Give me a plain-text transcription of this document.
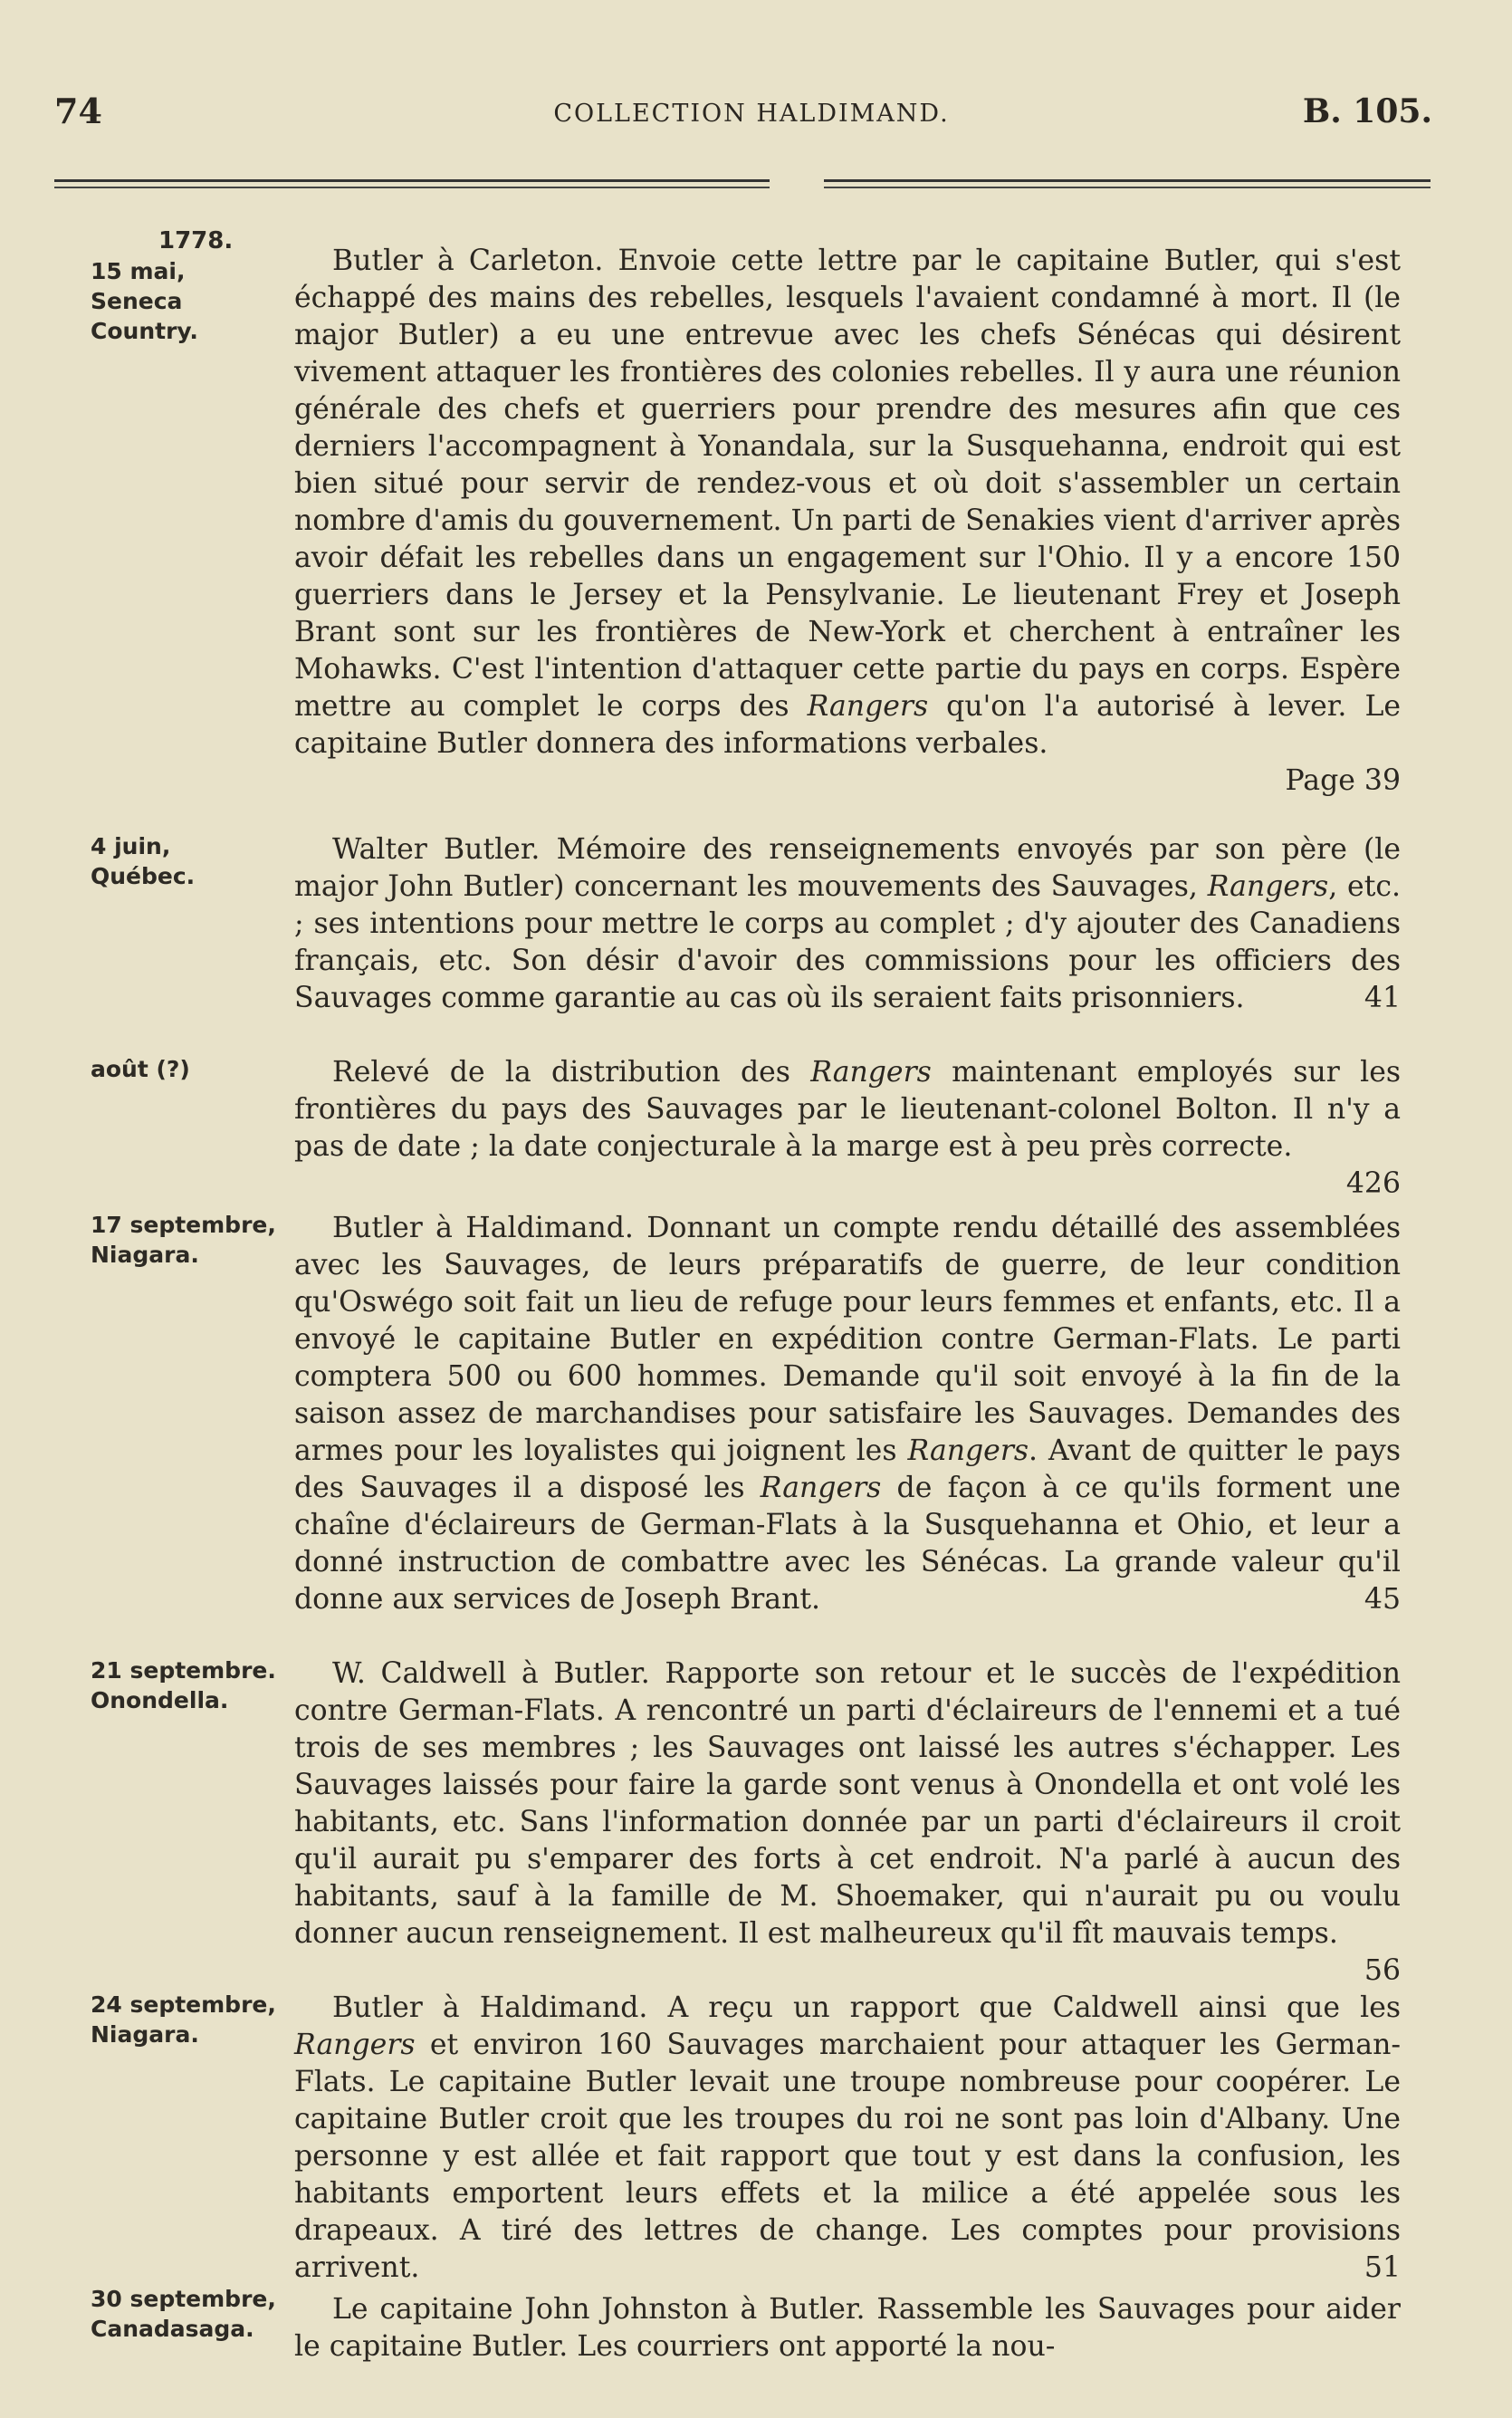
74	COLLECTION HALDIMAND.	B. 105.
1778.
15 mai,
Seneca
Country.

Butler à Carleton. Envoie cette lettre par le capitaine Butler, qui s'est échappé des mains des rebelles, lesquels l'avaient condamné à mort. Il (le major Butler) a eu une entrevue avec les chefs Sénécas qui désirent vivement attaquer les frontières des colonies rebelles. Il y aura une réunion générale des chefs et guerriers pour prendre des mesures afin que ces derniers l'accompagnent à Yonandala, sur la Susquehanna, endroit qui est bien situé pour servir de rendez-vous et où doit s'assembler un certain nombre d'amis du gouvernement. Un parti de Senakies vient d'arriver après avoir défait les rebelles dans un engagement sur l'Ohio. Il y a encore 150 guerriers dans le Jersey et la Pensylvanie. Le lieutenant Frey et Joseph Brant sont sur les frontières de New-York et cherchent à entraîner les Mohawks. C'est l'intention d'attaquer cette partie du pays en corps. Espère mettre au complet le corps des Rangers qu'on l'a autorisé à lever. Le capitaine Butler donnera des informations verbales.

Page 39
4 juin,
Québec.

Walter Butler. Mémoire des renseignements envoyés par son père (le major John Butler) concernant les mouvements des Sauvages, Rangers, etc. ; ses intentions pour mettre le corps au complet ; d'y ajouter des Canadiens français, etc. Son désir d'avoir des commissions pour les officiers des Sauvages comme garantie au cas où ils seraient faits prisonniers.	41

août (?)	Relevé de la distribution des Rangers maintenant employés sur les frontières du pays des Sauvages par le lieutenant-colonel Bolton. Il n'y a pas de date ; la date conjecturale à la marge est à peu près correcte.
426

17 septembre,
Niagara.

Butler à Haldimand. Donnant un compte rendu détaillé des assemblées avec les Sauvages, de leurs préparatifs de guerre, de leur condition qu'Oswégo soit fait un lieu de refuge pour leurs femmes et enfants, etc. Il a envoyé le capitaine Butler en expédition contre German-Flats. Le parti comptera 500 ou 600 hommes. Demande qu'il soit envoyé à la fin de la saison assez de marchandises pour satisfaire les Sauvages. Demandes des armes pour les loyalistes qui joignent les Rangers. Avant de quitter le pays des Sauvages il a disposé les Rangers de façon à ce qu'ils forment une chaîne d'éclaireurs de German-Flats à la Susquehanna et Ohio, et leur a donné instruction de combattre avec les Sénécas. La grande valeur qu'il donne aux services de Joseph Brant.	45

21 septembre.
Onondella.

W. Caldwell à Butler. Rapporte son retour et le succès de l'expédition contre German-Flats. A rencontré un parti d'éclaireurs de l'ennemi et a tué trois de ses membres ; les Sauvages ont laissé les autres s'échapper. Les Sauvages laissés pour faire la garde sont venus à Onondella et ont volé les habitants, etc. Sans l'information donnée par un parti d'éclaireurs il croit qu'il aurait pu s'emparer des forts à cet endroit. N'a parlé à aucun des habitants, sauf à la famille de M. Shoemaker, qui n'aurait pu ou voulu donner aucun renseignement. Il est malheureux qu'il fît mauvais temps.
56

24 septembre,
Niagara.

Butler à Haldimand. A reçu un rapport que Caldwell ainsi que les Rangers et environ 160 Sauvages marchaient pour attaquer les German-Flats. Le capitaine Butler levait une troupe nombreuse pour coopérer. Le capitaine Butler croit que les troupes du roi ne sont pas loin d'Albany. Une personne y est allée et fait rapport que tout y est dans la confusion, les habitants emportent leurs effets et la milice a été appelée sous les drapeaux. A tiré des lettres de change. Les comptes pour provisions arrivent.	51

30 septembre,
Canadasaga.

Le capitaine John Johnston à Butler. Rassemble les Sauvages pour aider le capitaine Butler. Les courriers ont apporté la nou-
